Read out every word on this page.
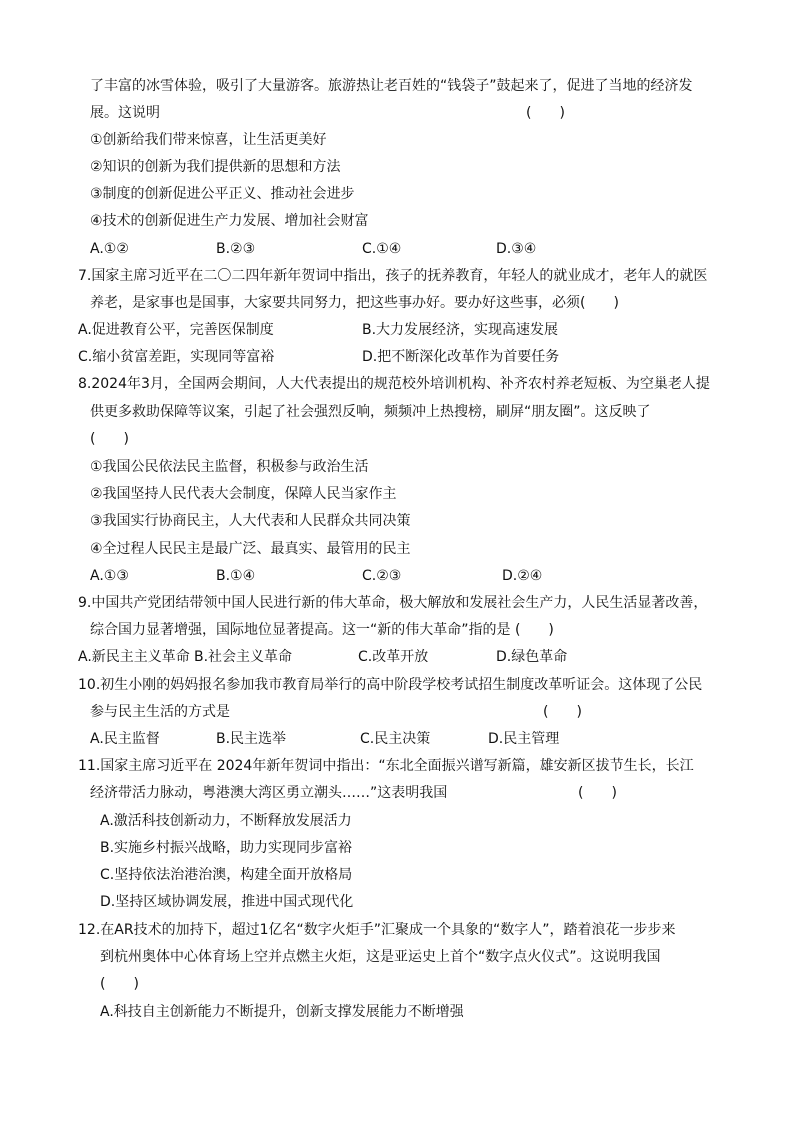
了丰富的冰雪体验，吸引了大量游客。旅游热让老百姓的“钱袋子”鼓起来了，促进了当地的经济发
展。这说明	(　　)
①创新给我们带来惊喜，让生活更美好
②知识的创新为我们提供新的思想和方法
③制度的创新促进公平正义、推动社会进步
④技术的创新促进生产力发展、增加社会财富
A.①②	B.②③	C.①④	D.③④
7.国家主席习近平在二〇二四年新年贺词中指出，孩子的抚养教育，年轻人的就业成才，老年人的就医
养老，是家事也是国事，大家要共同努力，把这些事办好。要办好这些事，必须(　　)
A.促进教育公平，完善医保制度	B.大力发展经济，实现高速发展
C.缩小贫富差距，实现同等富裕	D.把不断深化改革作为首要任务
8.2024年3月，全国两会期间，人大代表提出的规范校外培训机构、补齐农村养老短板、为空巢老人提
供更多救助保障等议案，引起了社会强烈反响，频频冲上热搜榜，刷屏“朋友圈”。这反映了
(　　)
①我国公民依法民主监督，积极参与政治生活
②我国坚持人民代表大会制度，保障人民当家作主
③我国实行协商民主，人大代表和人民群众共同决策
④全过程人民民主是最广泛、最真实、最管用的民主
A.①③	B.①④	C.②③	D.②④
9.中国共产党团结带领中国人民进行新的伟大革命，极大解放和发展社会生产力，人民生活显著改善，
综合国力显著增强，国际地位显著提高。这一“新的伟大革命”指的是 (　　)
A.新民主主义革命 B.社会主义革命	C.改革开放	D.绿色革命
10.初生小刚的妈妈报名参加我市教育局举行的高中阶段学校考试招生制度改革听证会。这体现了公民
参与民主生活的方式是	(　　)
A.民主监督	B.民主选举	C.民主决策	D.民主管理
11.国家主席习近平在 2024年新年贺词中指出：“东北全面振兴谱写新篇，雄安新区拔节生长，长江
经济带活力脉动，粤港澳大湾区勇立潮头……”这表明我国	(　　)
A.激活科技创新动力，不断释放发展活力
B.实施乡村振兴战略，助力实现同步富裕
C.坚持依法治港治澳，构建全面开放格局
D.坚持区域协调发展，推进中国式现代化
12.在AR技术的加持下，超过1亿名“数字火炬手”汇聚成一个具象的“数字人”，踏着浪花一步步来
到杭州奥体中心体育场上空并点燃主火炬，这是亚运史上首个“数字点火仪式”。这说明我国
(　　)
A.科技自主创新能力不断提升，创新支撑发展能力不断增强
